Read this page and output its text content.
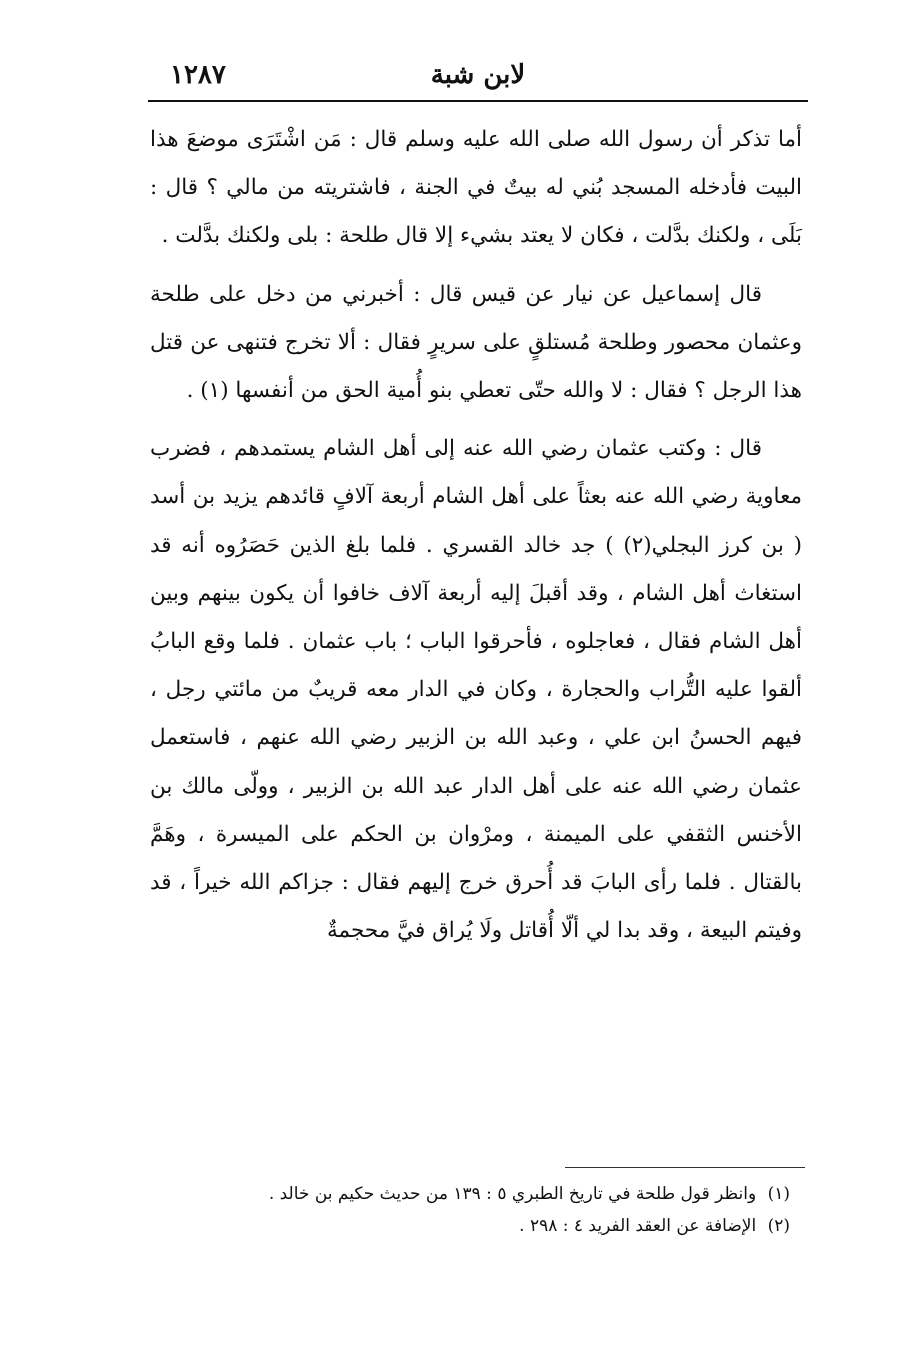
١٢٨٧	لابن شبة

أما تذكر أن رسول الله صلى الله عليه وسلم قال : مَن اشْتَرَى موضعَ هذا البيت فأدخله المسجد بُني له بيتٌ في الجنة ، فاشتريته من مالي ؟ قال : بَلَى ، ولكنك بدَّلت ، فكان لا يعتد بشيء إلا قال طلحة : بلى ولكنك بدَّلت .

قال إسماعيل عن نيار عن قيس قال : أخبرني من دخل على طلحة وعثمان محصور وطلحة مُستلقٍ على سريرٍ فقال : ألا تخرج فتنهى عن قتل هذا الرجل ؟ فقال : لا والله حتّى تعطي بنو أُمية الحق من أنفسها (١) .

قال : وكتب عثمان رضي الله عنه إلى أهل الشام يستمدهم ، فضرب معاوية رضي الله عنه بعثاً على أهل الشام أربعة آلافٍ قائدهم يزيد بن أسد ( بن كرز البجلي(٢) ) جد خالد القسري . فلما بلغ الذين حَصَرُوه أنه قد استغاث أهل الشام ، وقد أقبلَ إليه أربعة آلاف خافوا أن يكون بينهم وبين أهل الشام فقال ، فعاجلوه ، فأحرقوا الباب ؛ باب عثمان . فلما وقع البابُ ألقوا عليه التُّراب والحجارة ، وكان في الدار معه قريبٌ من مائتي رجل ، فيهم الحسنُ ابن علي ، وعبد الله بن الزبير رضي الله عنهم ، فاستعمل عثمان رضي الله عنه على أهل الدار عبد الله بن الزبير ، وولّى مالك بن الأخنس الثقفي على الميمنة ، ومرْوان بن الحكم على الميسرة ، وهَمَّ بالقتال . فلما رأى البابَ قد أُحرق خرج إليهم فقال : جزاكم الله خيراً ، قد وفيتم البيعة ، وقد بدا لي ألّا أُقاتل ولَا يُراق فيَّ محجمةٌ

(١) وانظر قول طلحة في تاريخ الطبري ٥ : ١٣٩ من حديث حكيم بن خالد .

(٢) الإضافة عن العقد الفريد ٤ : ٢٩٨ .
